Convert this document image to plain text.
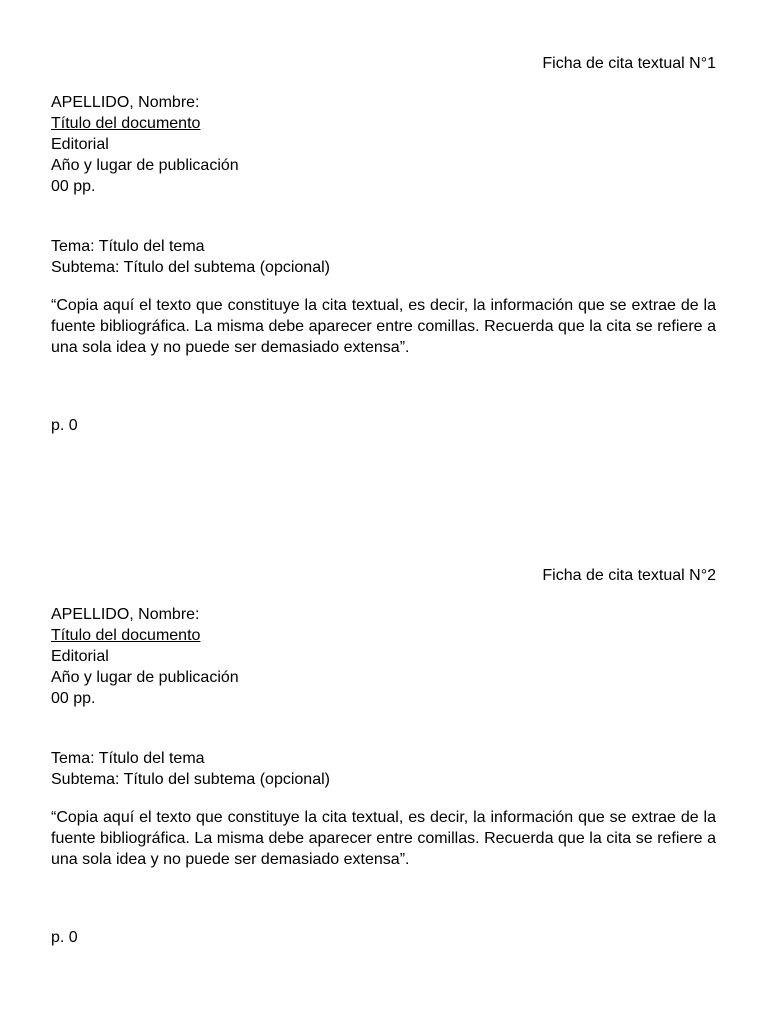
Ficha de cita textual N°1

APELLIDO, Nombre:

Título del documento

Editorial

Año y lugar de publicación

00 pp.

Tema: Título del tema

Subtema: Título del subtema (opcional)

“Copia aquí el texto que constituye la cita textual, es decir, la información que se extrae de la fuente bibliográfica. La misma debe aparecer entre comillas. Recuerda que la cita se refiere a una sola idea y no puede ser demasiado extensa”.

p. 0

Ficha de cita textual N°2

APELLIDO, Nombre:

Título del documento

Editorial

Año y lugar de publicación

00 pp.

Tema: Título del tema

Subtema: Título del subtema (opcional)

“Copia aquí el texto que constituye la cita textual, es decir, la información que se extrae de la fuente bibliográfica. La misma debe aparecer entre comillas. Recuerda que la cita se refiere a una sola idea y no puede ser demasiado extensa”.

p. 0
